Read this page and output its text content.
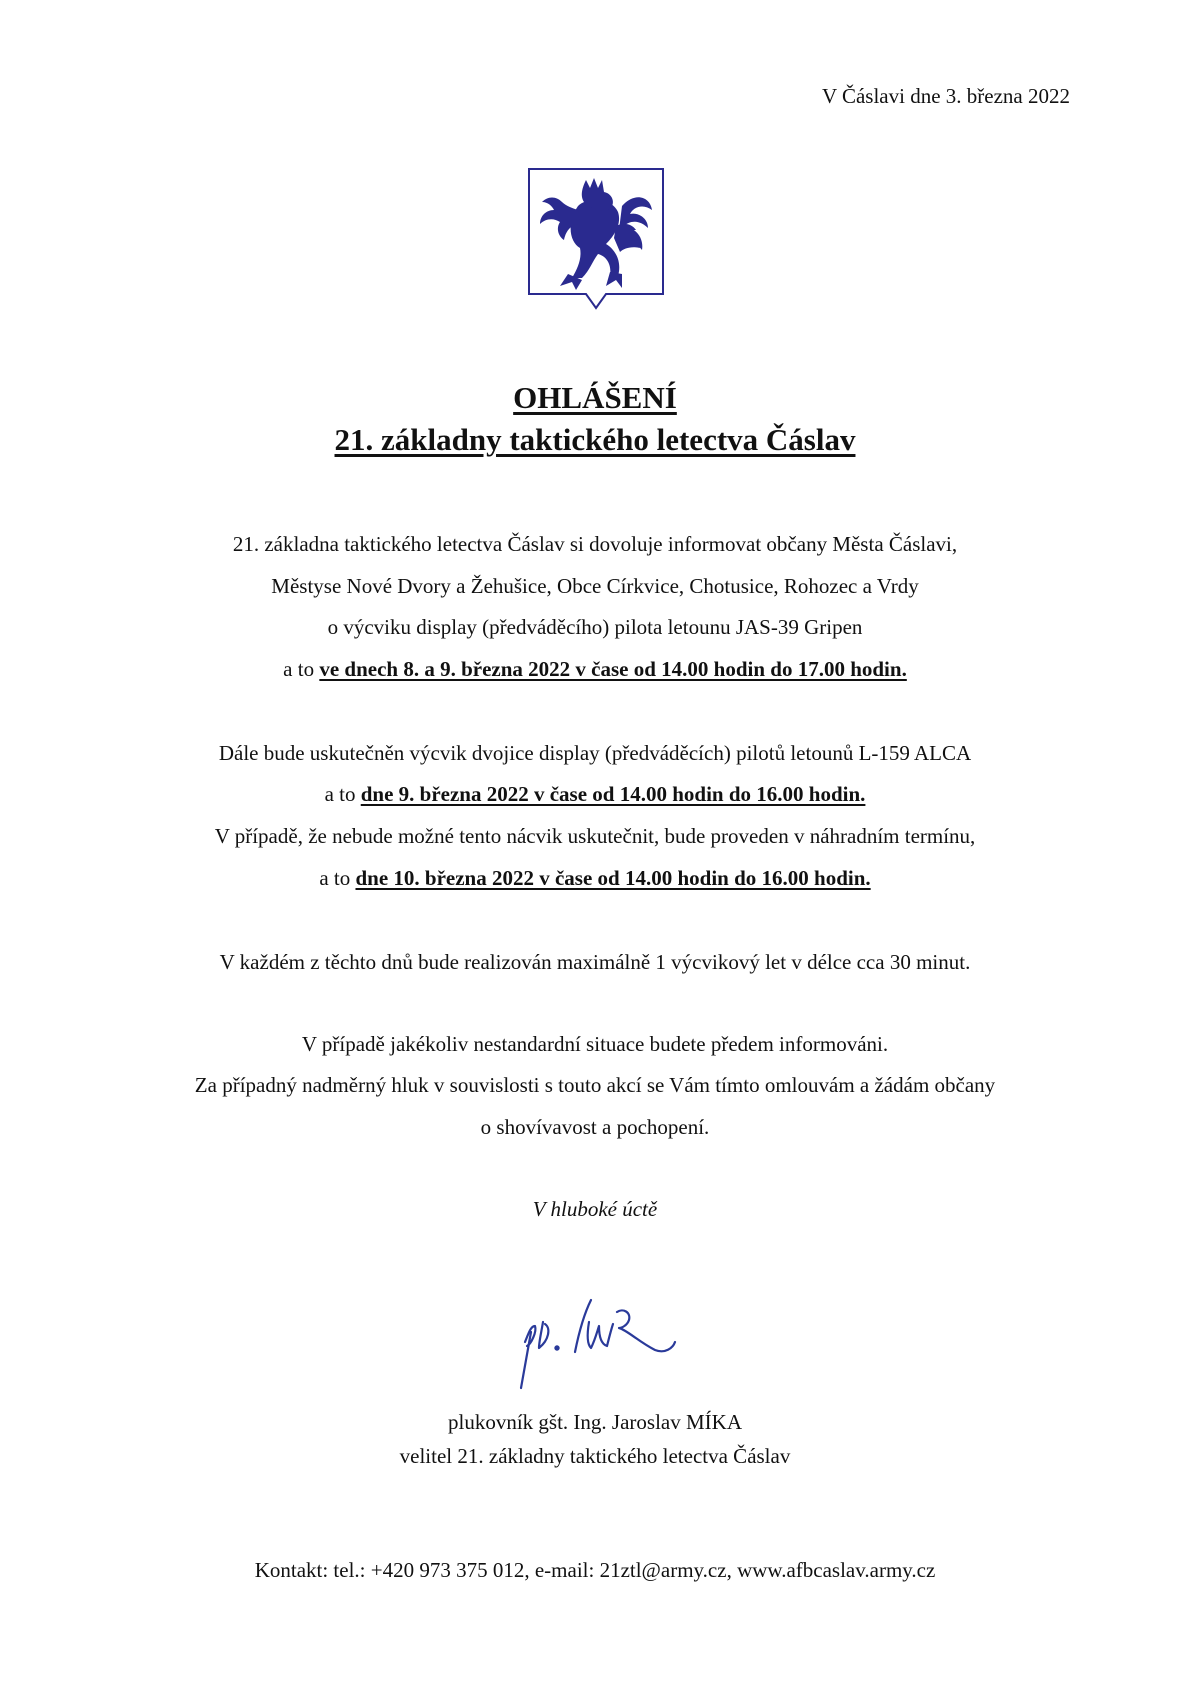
V Čáslavi dne 3. března 2022
OHLÁŠENÍ
21. základny taktického letectva Čáslav
21. základna taktického letectva Čáslav si dovoluje informovat občany Města Čáslavi,
Městyse Nové Dvory a Žehušice, Obce Církvice, Chotusice, Rohozec a Vrdy
o výcviku display (předváděcího) pilota letounu JAS-39 Gripen
a to ve dnech 8. a 9. března 2022 v čase od 14.00 hodin do 17.00 hodin.
Dále bude uskutečněn výcvik dvojice display (předváděcích) pilotů letounů L-159 ALCA
a to dne 9. března 2022 v čase od 14.00 hodin do 16.00 hodin.
V případě, že nebude možné tento nácvik uskutečnit, bude proveden v náhradním termínu,
a to dne 10. března 2022 v čase od 14.00 hodin do 16.00 hodin.
V každém z těchto dnů bude realizován maximálně 1 výcvikový let v délce cca 30 minut.
V případě jakékoliv nestandardní situace budete předem informováni.
Za případný nadměrný hluk v souvislosti s touto akcí se Vám tímto omlouvám a žádám občany
o shovívavost a pochopení.
V hluboké úctě
plukovník gšt. Ing. Jaroslav MÍKA
velitel 21. základny taktického letectva Čáslav
Kontakt: tel.: +420 973 375 012, e-mail: 21ztl@army.cz, www.afbcaslav.army.cz
